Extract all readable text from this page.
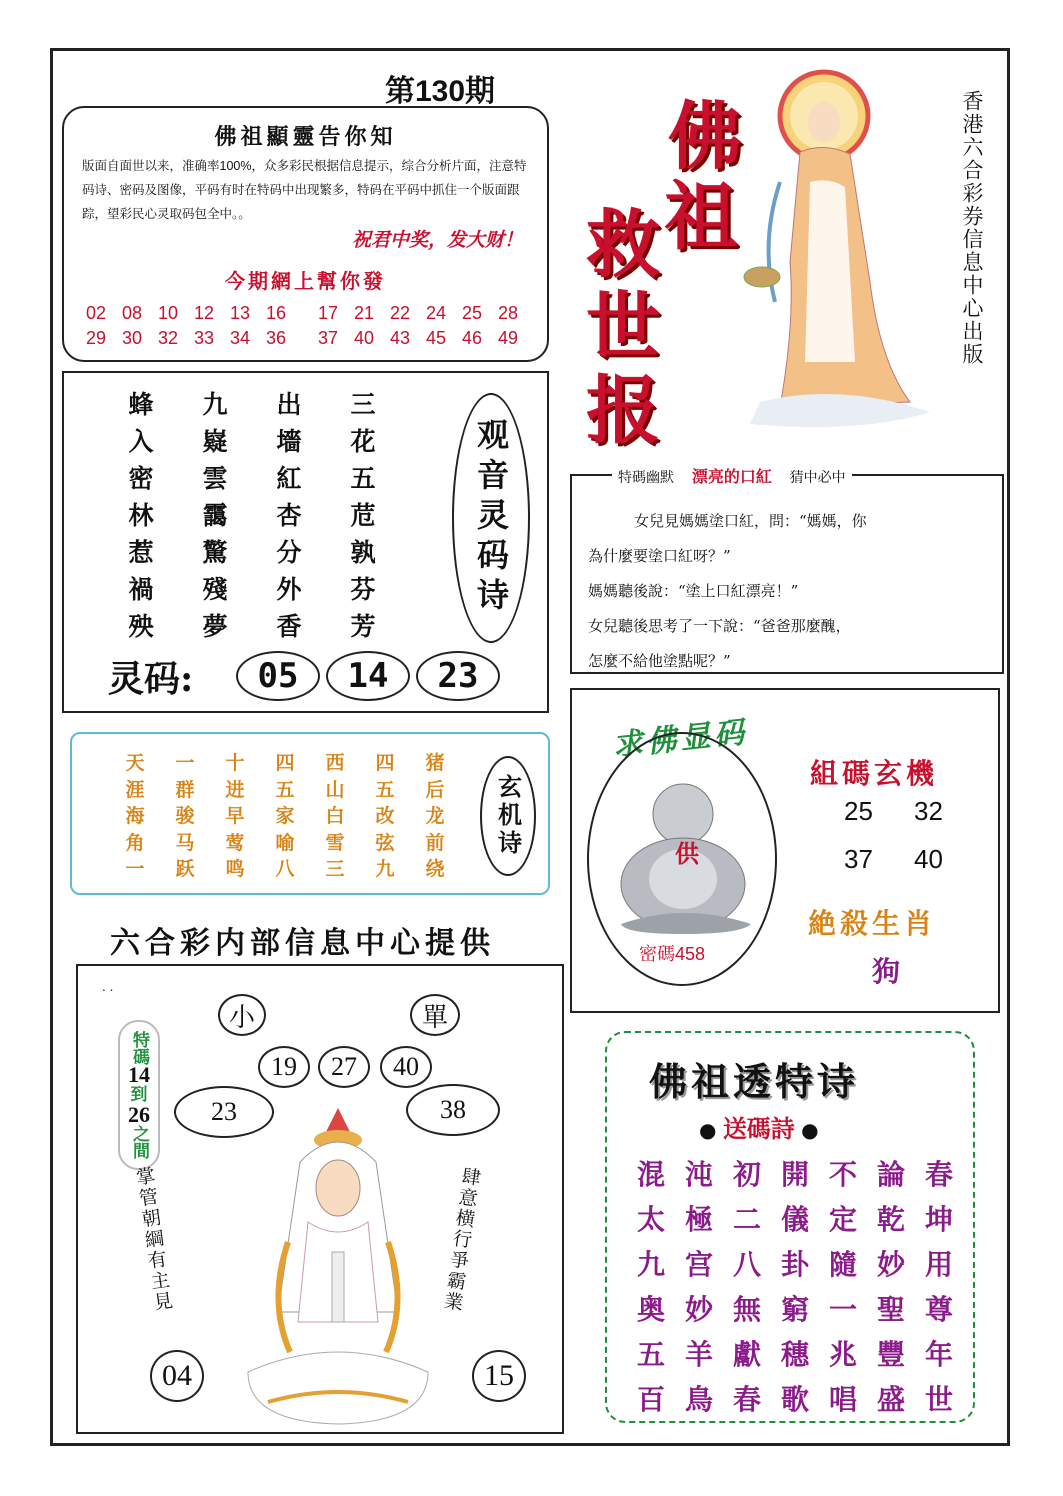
第130期
佛祖顯靈告你知
版面自面世以来，准确率100%，众多彩民根据信息提示，综合分析片面，注意特码诗、密码及图像，平码有时在特码中出现繁多，特码在平码中抓住一个版面跟踪，望彩民心灵取码包全中。。
祝君中奖，发大财！
今期網上幫你發
02 08 10 12 13 16	17 21 22 24 25 28
29 30 32 33 34 36	37 40 43 45 46 49
佛
祖
救
世
报
香港六合彩券信息中心出版
蜂	九	出	三
入	嶷	墻	花
密	雲	紅	五
林	靄	杏	苊
惹	驚	分	孰
禍	殘	外	芬
殃	夢	香	芳
观音灵码诗
灵码:	05	14	23
天	一	十	四	西	四	猪
涯	群	进	五	山	五	后
海	骏	早	家	白	改	龙
角	马	莺	喻	雪	弦	前
一	跃	鸣	八	三	九	绕
玄机诗
六合彩内部信息中心提供
. .
小	單
19	27	40
23	38
04	15
特碼
14
到
26
之間
掌管朝綱有主見	肆意横行爭霸業
特碼幽默 漂亮的口紅 猜中必中
女兒見媽媽塗口紅，問：“媽媽，你
為什麼要塗口紅呀？”
媽媽聽後說：“塗上口紅漂亮！”
女兒聽後思考了一下說：“爸爸那麼醜，
怎麼不給他塗點呢？”
求佛显码
供
密碼458
組碼玄機
25 32
37 40
絶殺生肖
狗
佛祖透特诗
● 送碼詩 ●
混 沌 初 開 不 論 春
太 極 二 儀 定 乾 坤
九 宫 八 卦 隨 妙 用
奥 妙 無 窮 一 聖 尊
五 羊 獻 穗 兆 豐 年
百 鳥 春 歌 唱 盛 世
